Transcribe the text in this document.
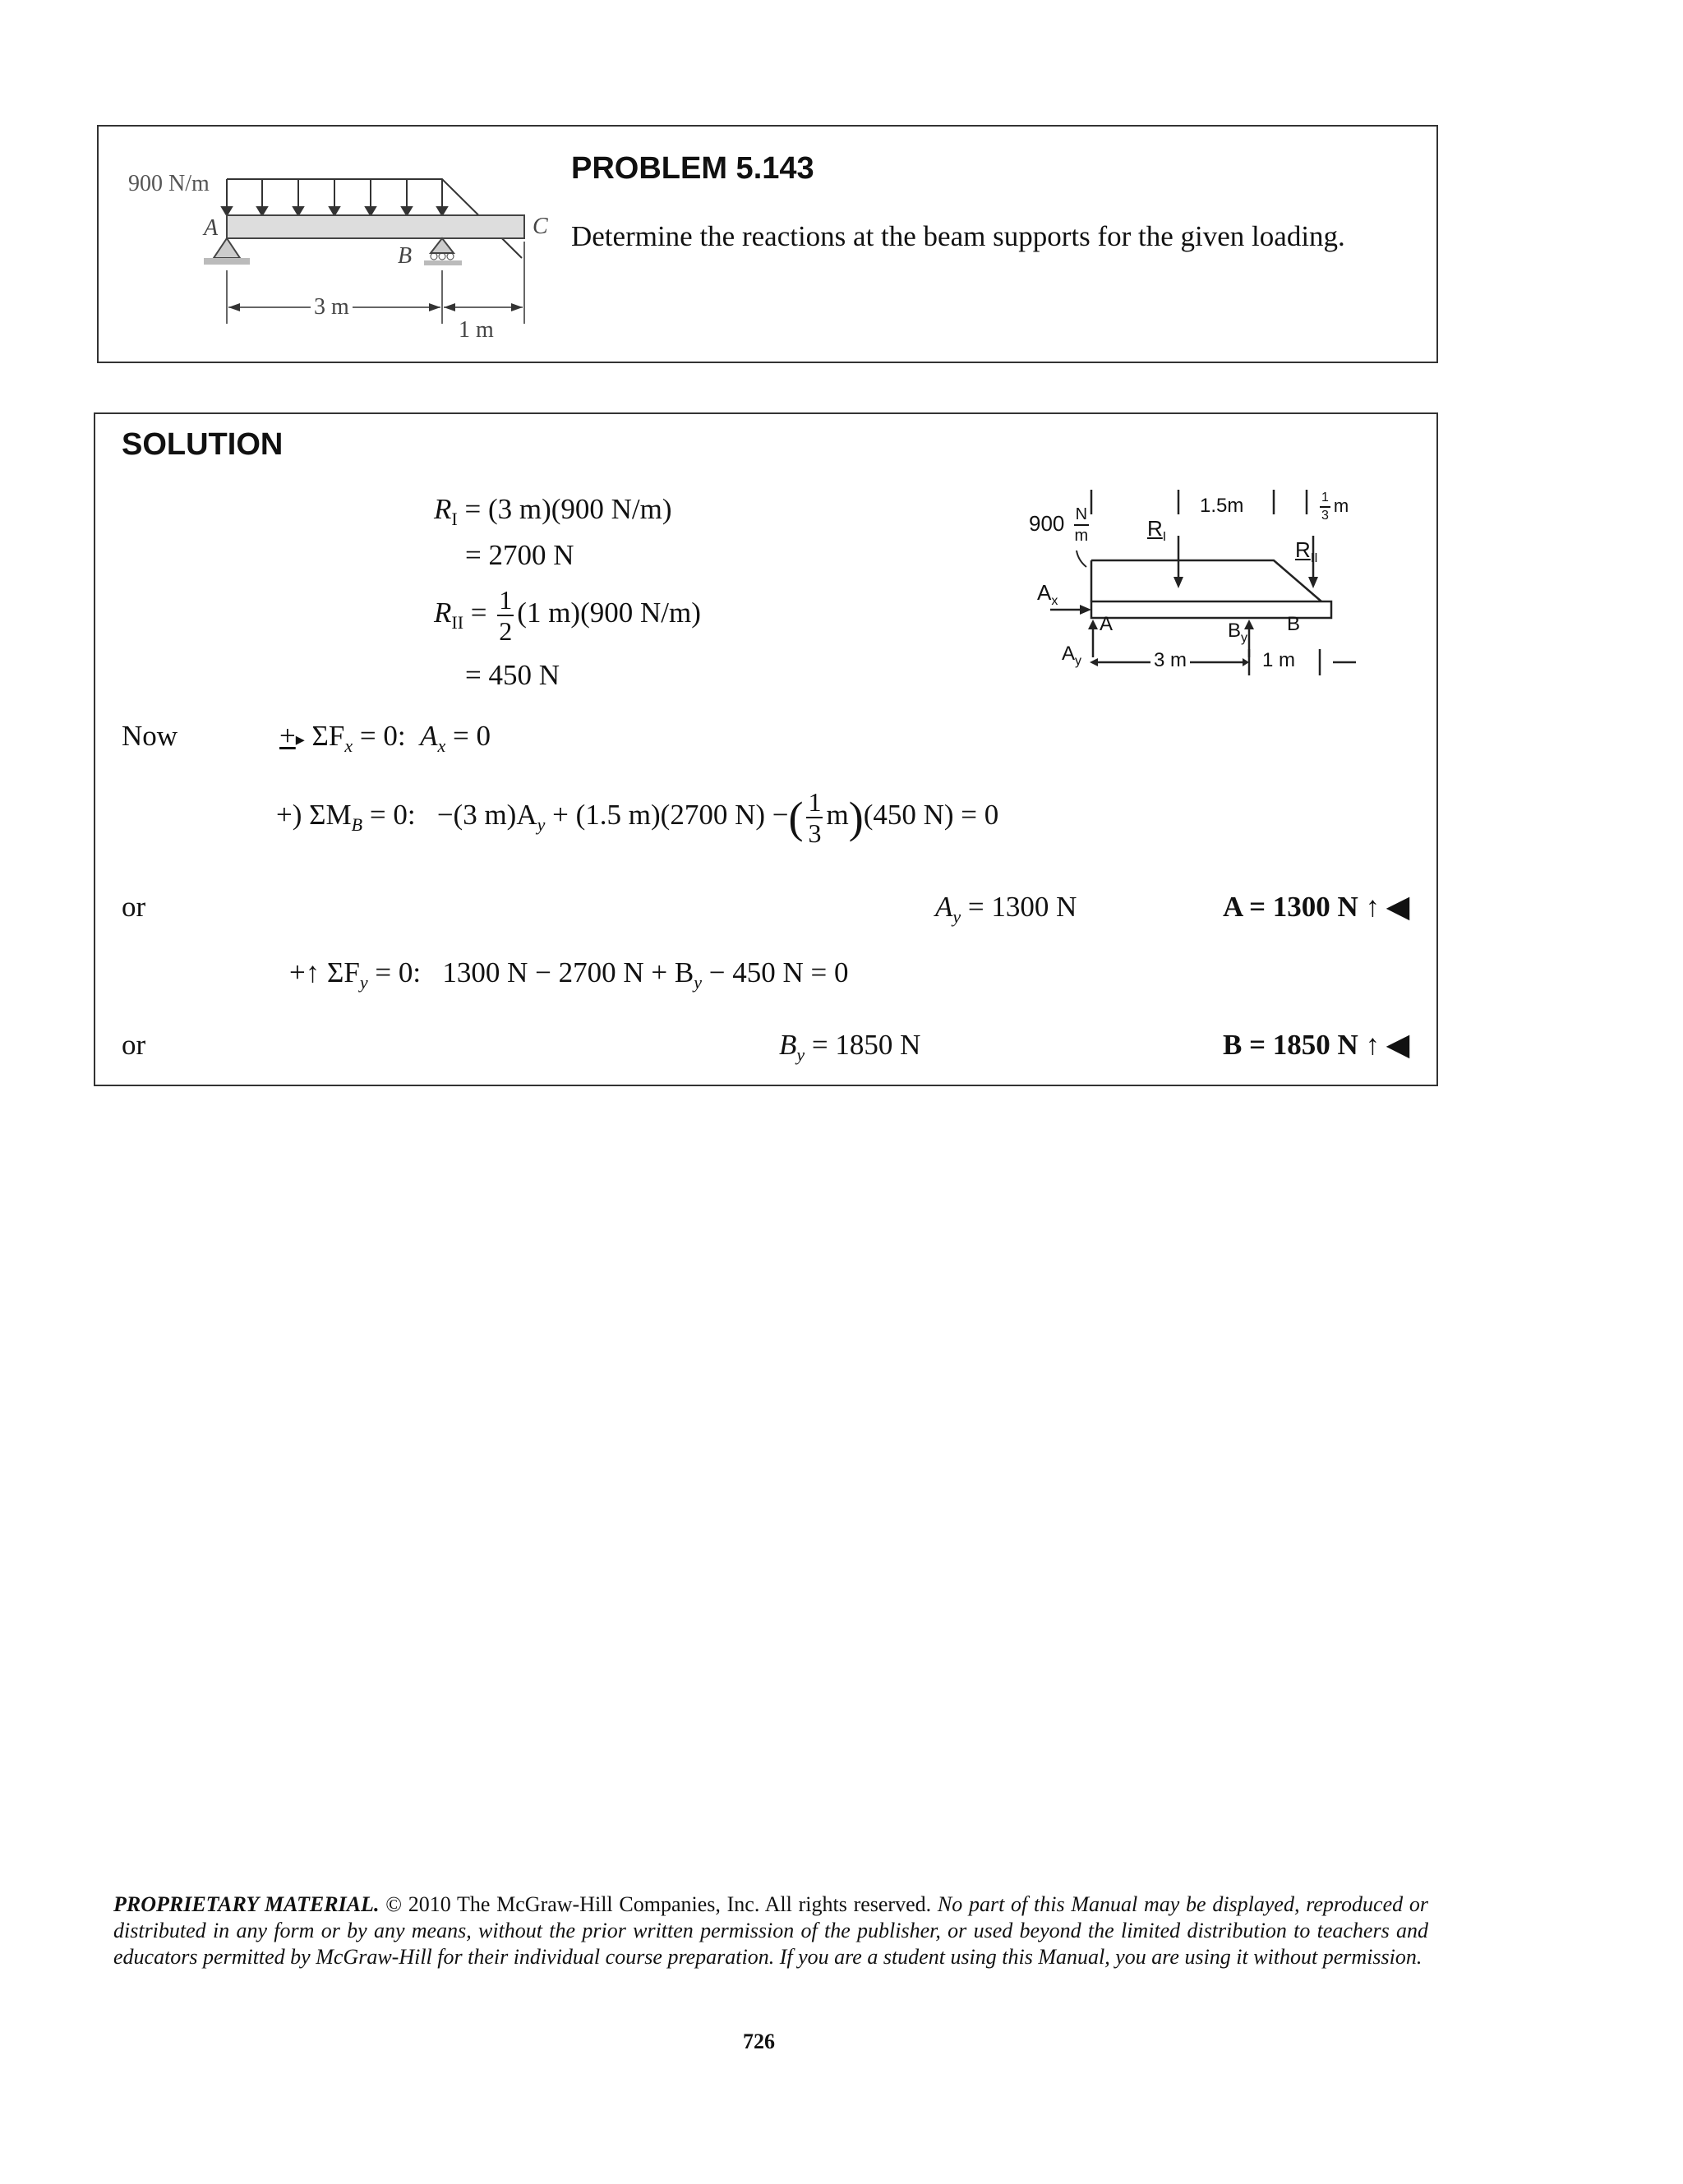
900 N/m
A
B
C
3 m
1 m
PROBLEM 5.143
Determine the reactions at the beam supports for the given loading.
SOLUTION
$R_I = (3$ m)(900 N/m)
= 2700 N
$R_{II} = \frac{1}{2} (1$ m)(900 N/m)
= 450 N
Now	+▸ $\Sigma F_x = 0$: $A_x = 0$
+) $\Sigma M_B = 0$: −(3 $m)A_y + (1.5$ m)(2700 N) −( $\frac{1}{3} m)(450$ N) = 0
or	$A_y = 1300$ N	A = 1300 N ↑ ◀
+↑ $\Sigma F_y = 0$: 1300 N − 2700 $N + B_y - 450$ N = 0
or	$B_y = 1850$ N	B = 1850 N ↑ ◀
$900 \frac{N}{m}$	$R_I$
$R_{II}$
1.5m	$\frac{1}{3}$ m
$A_x$
$A_y$
A	B
$B_y$
3 m	1 m
PROPRIETARY MATERIAL. © 2010 The McGraw-Hill Companies, Inc. All rights reserved. No part of this Manual may be displayed, reproduced or distributed in any form or by any means, without the prior written permission of the publisher, or used beyond the limited distribution to teachers and educators permitted by McGraw-Hill for their individual course preparation. If you are a student using this Manual, you are using it without permission.
726
